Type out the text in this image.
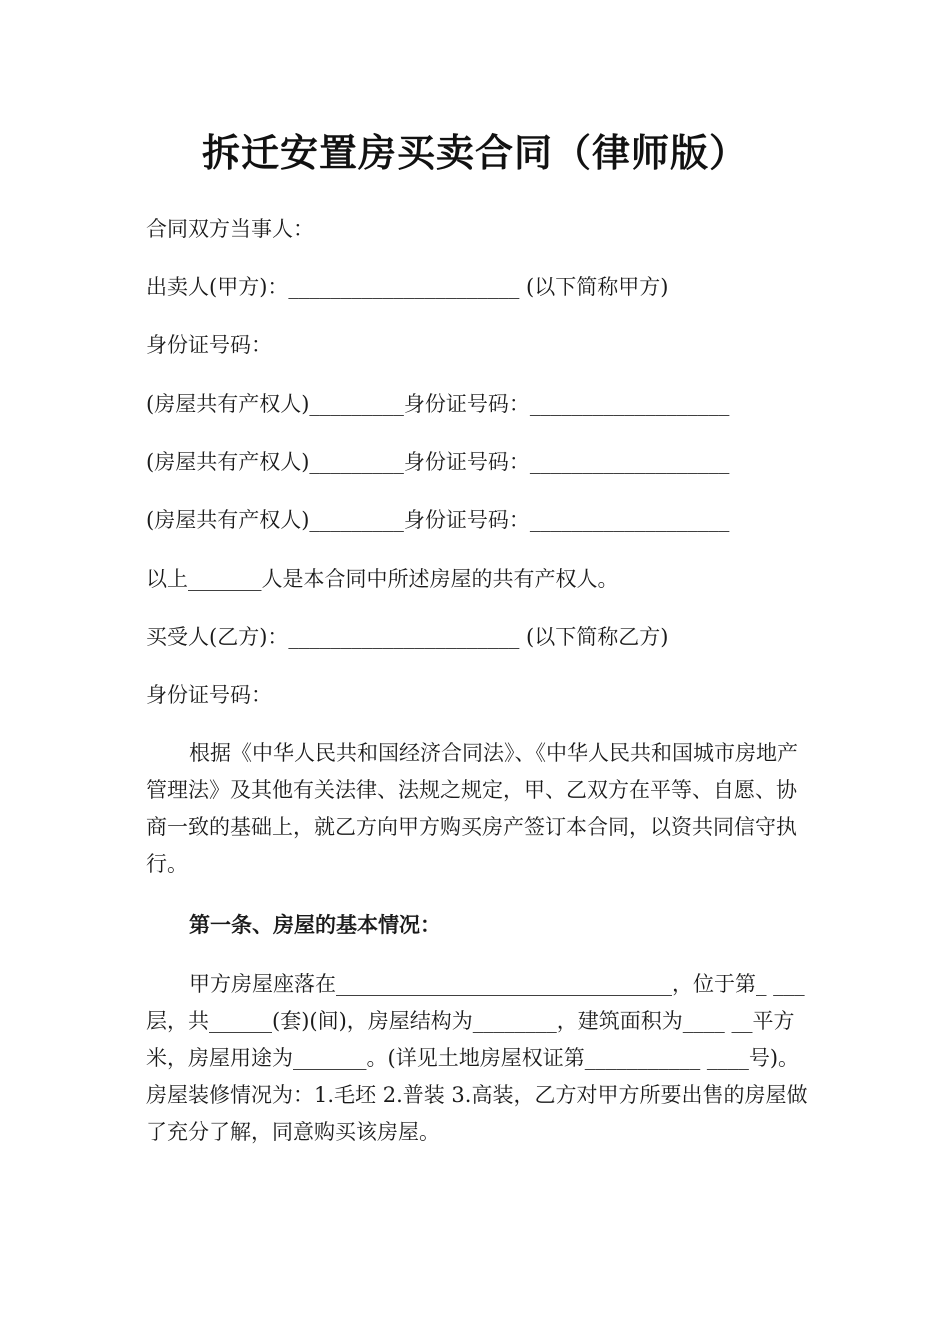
拆迁安置房买卖合同（律师版）
合同双方当事人：
出卖人(甲方)：______________________ (以下简称甲方)
身份证号码：
(房屋共有产权人)_________身份证号码：___________________
(房屋共有产权人)_________身份证号码：___________________
(房屋共有产权人)_________身份证号码：___________________
以上_______人是本合同中所述房屋的共有产权人。
买受人(乙方)：______________________ (以下简称乙方)
身份证号码：
根据《中华人民共和国经济合同法》、《中华人民共和国城市房地产管理法》及其他有关法律、法规之规定，甲、乙双方在平等、自愿、协商一致的基础上，就乙方向甲方购买房产签订本合同，以资共同信守执行。
第一条、房屋的基本情况：
甲方房屋座落在________________________________，位于第_ ___层，共______(套)(间)，房屋结构为________，建筑面积为____ __平方米，房屋用途为_______。(详见土地房屋权证第___________ ____号)。房屋装修情况为：1.毛坯 2.普装 3.高装，乙方对甲方所要出售的房屋做了充分了解，同意购买该房屋。
